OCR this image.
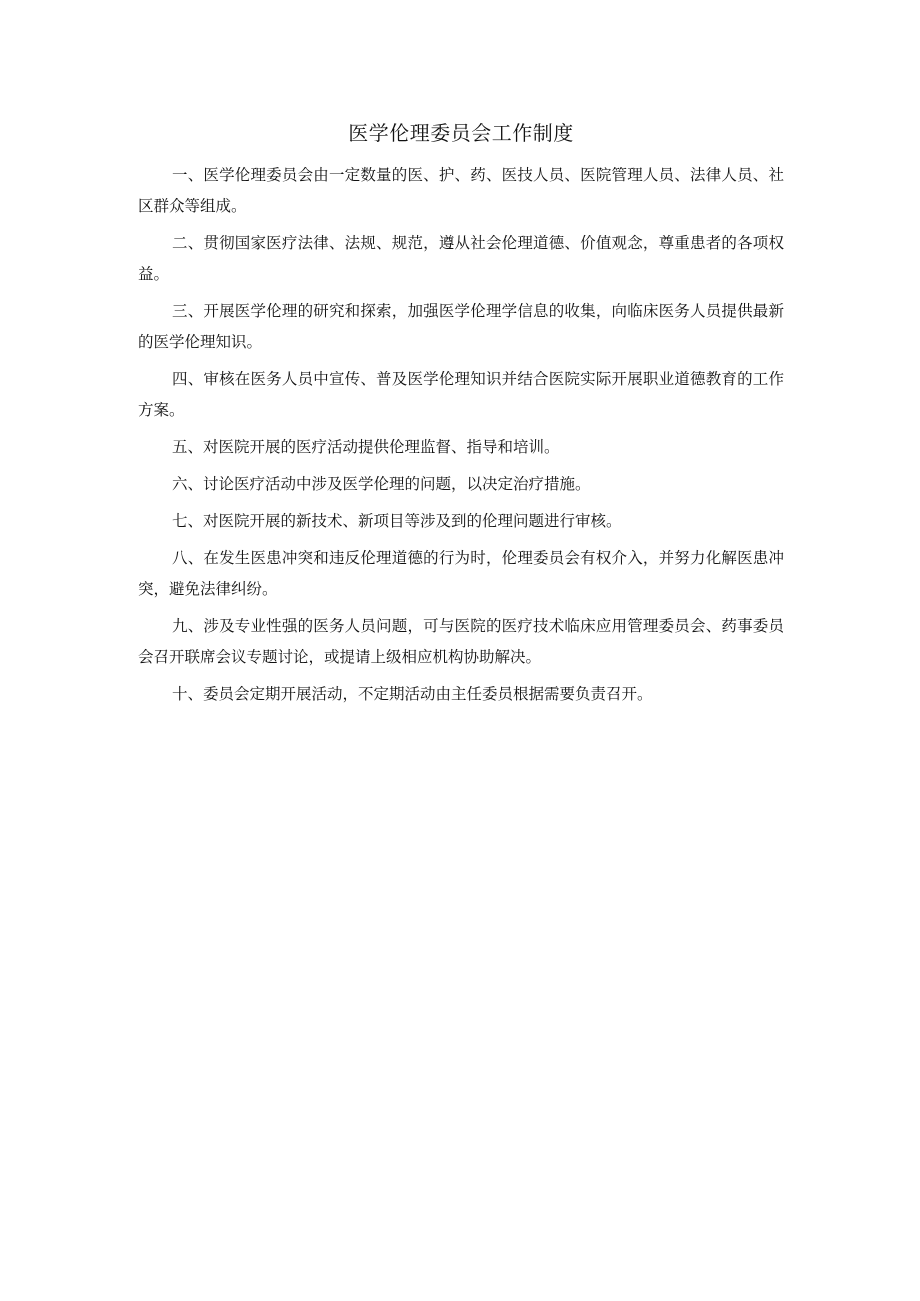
医学伦理委员会工作制度

一、医学伦理委员会由一定数量的医、护、药、医技人员、医院管理人员、法律人员、社区群众等组成。

二、贯彻国家医疗法律、法规、规范，遵从社会伦理道德、价值观念，尊重患者的各项权益。

三、开展医学伦理的研究和探索，加强医学伦理学信息的收集，向临床医务人员提供最新的医学伦理知识。

四、审核在医务人员中宣传、普及医学伦理知识并结合医院实际开展职业道德教育的工作方案。

五、对医院开展的医疗活动提供伦理监督、指导和培训。

六、讨论医疗活动中涉及医学伦理的问题，以决定治疗措施。

七、对医院开展的新技术、新项目等涉及到的伦理问题进行审核。

八、在发生医患冲突和违反伦理道德的行为时，伦理委员会有权介入，并努力化解医患冲突，避免法律纠纷。

九、涉及专业性强的医务人员问题，可与医院的医疗技术临床应用管理委员会、药事委员会召开联席会议专题讨论，或提请上级相应机构协助解决。

十、委员会定期开展活动，不定期活动由主任委员根据需要负责召开。
